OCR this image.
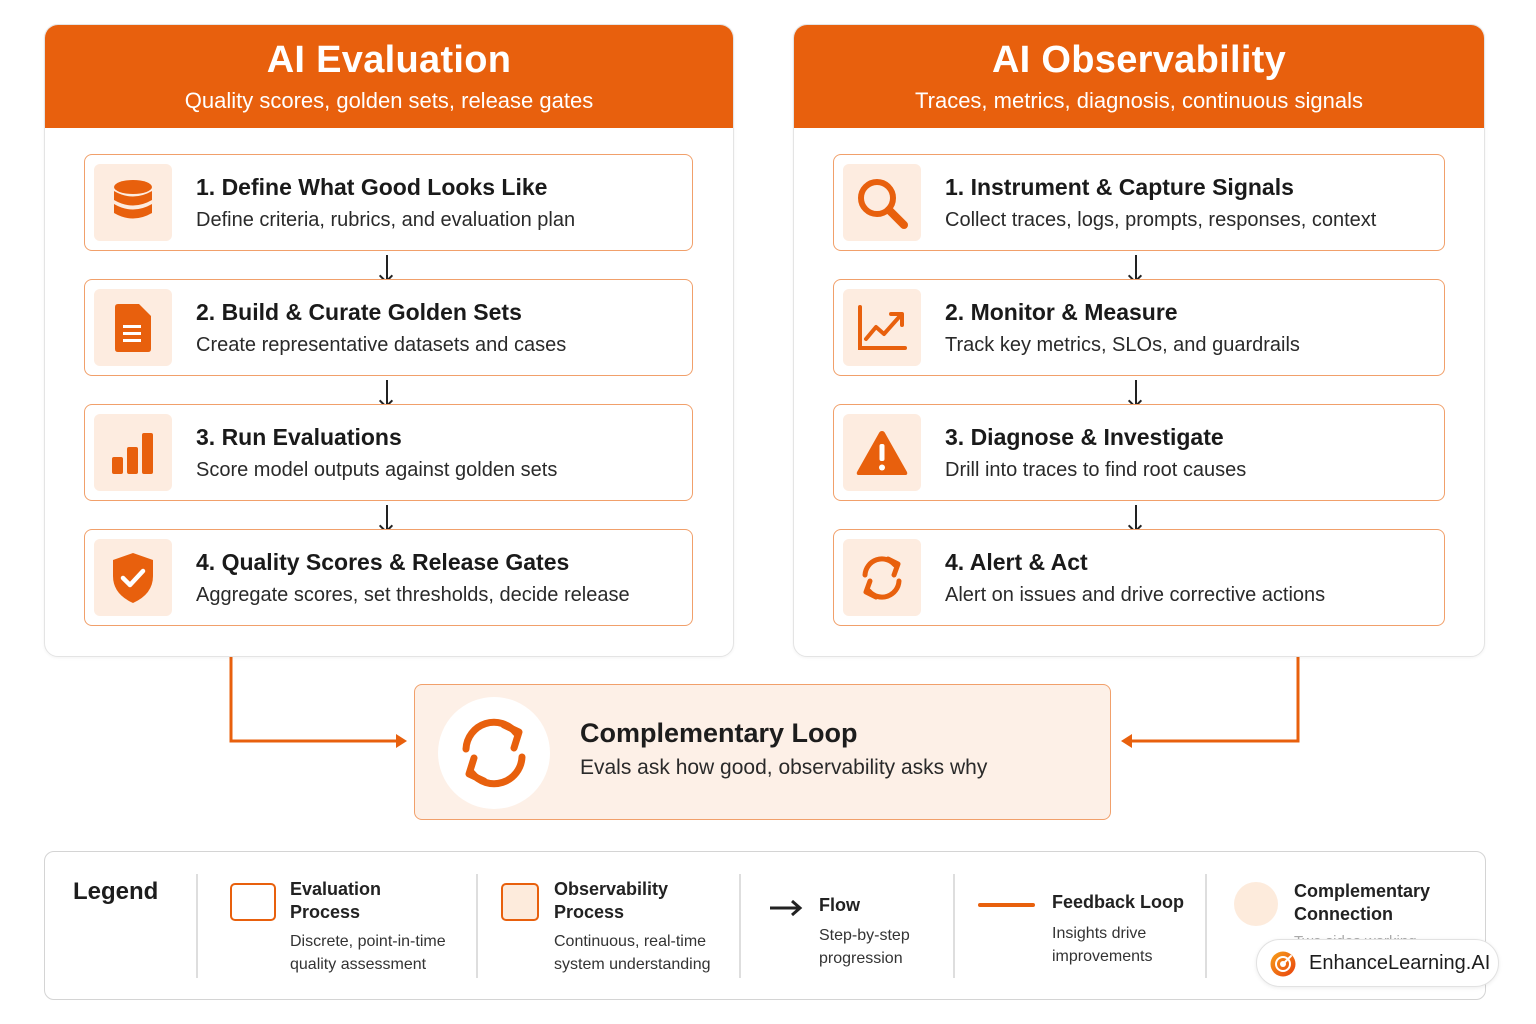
AI Evaluation
Quality scores, golden sets, release gates
1. Define What Good Looks Like
Define criteria, rubrics, and evaluation plan
2. Build & Curate Golden Sets
Create representative datasets and cases
3. Run Evaluations
Score model outputs against golden sets
4. Quality Scores & Release Gates
Aggregate scores, set thresholds, decide release
AI Observability
Traces, metrics, diagnosis, continuous signals
1. Instrument & Capture Signals
Collect traces, logs, prompts, responses, context
2. Monitor & Measure
Track key metrics, SLOs, and guardrails
3. Diagnose & Investigate
Drill into traces to find root causes
4. Alert & Act
Alert on issues and drive corrective actions
Complementary Loop
Evals ask how good, observability asks why
Legend	Evaluation
Process
Discrete, point-in-time
quality assessment
Observability
Process
Continuous, real-time
system understanding
Flow
Step-by-step
progression
Feedback Loop
Insights drive
improvements
Complementary
Connection
EnhanceLearning.AI
